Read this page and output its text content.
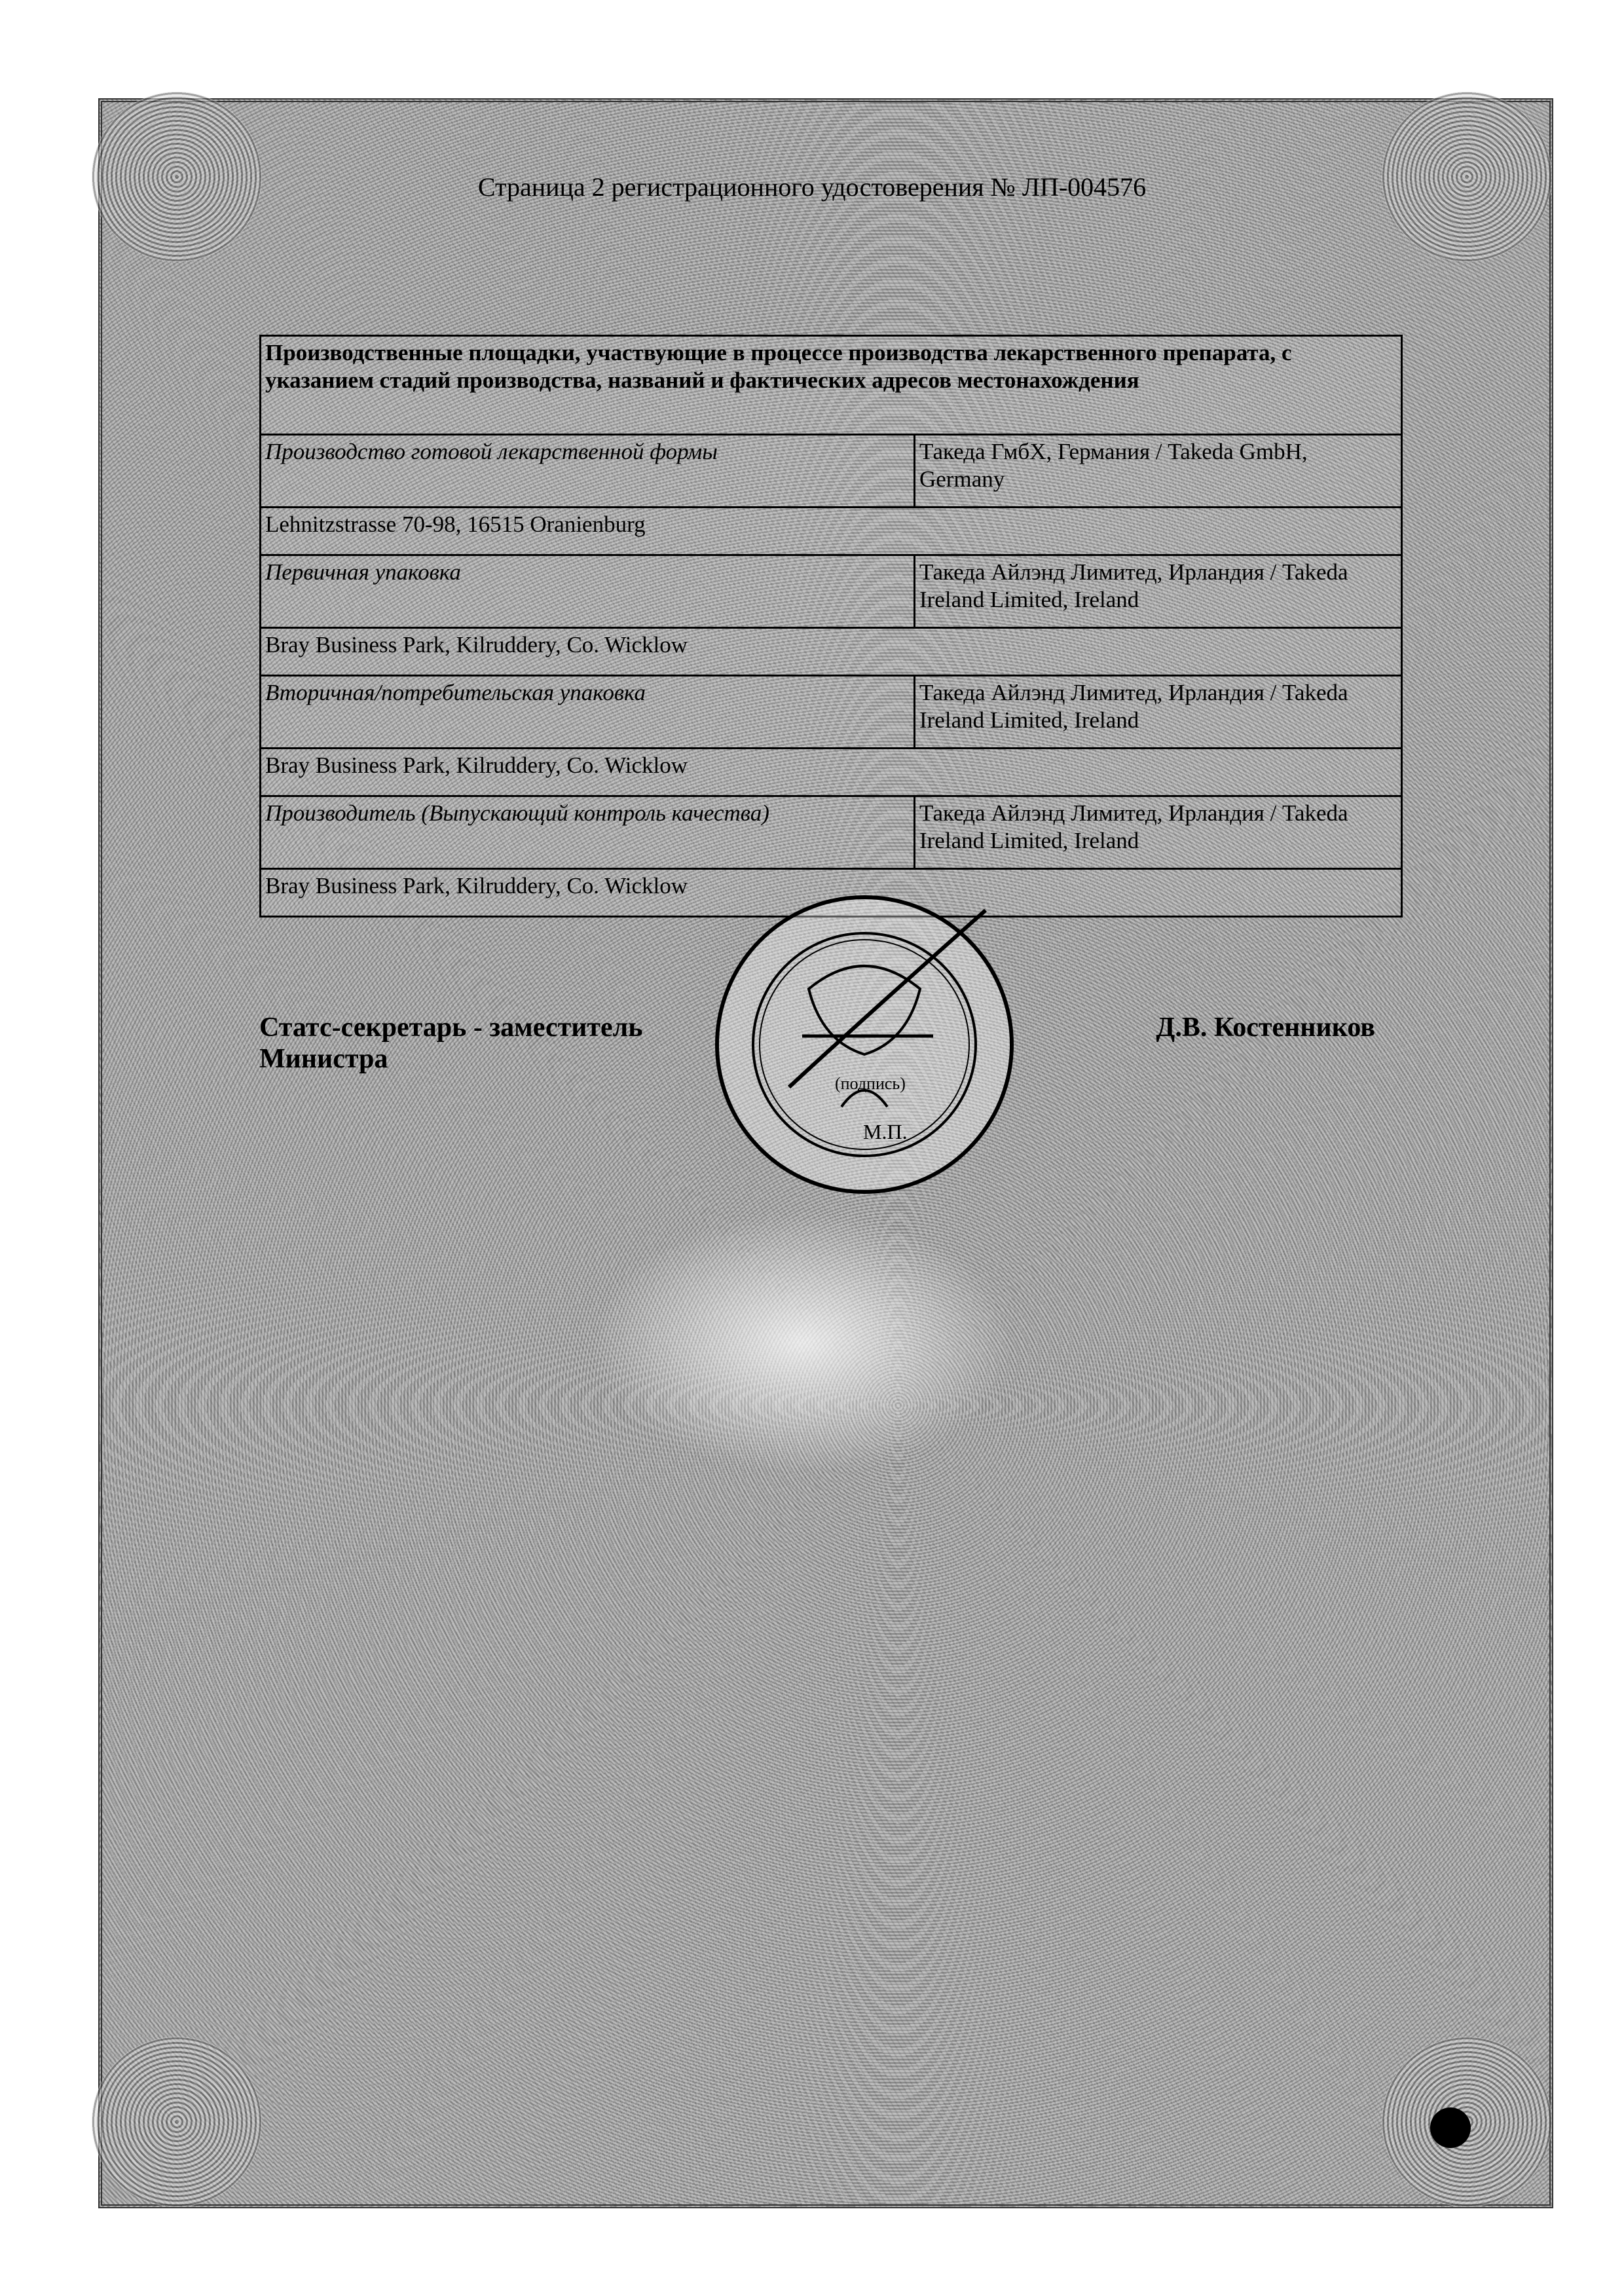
Страница 2 регистрационного удостоверения № ЛП-004576
Производственные площадки, участвующие в процессе производства лекарственного препарата, с указанием стадий производства, названий и фактических адресов местонахождения	
Производство готовой лекарственной формы	Такеда ГмбХ, Германия / Takeda GmbH, Germany
Lehnitzstrasse 70-98, 16515 Oranienburg	
Первичная упаковка	Такеда Айлэнд Лимитед, Ирландия / Takeda Ireland Limited, Ireland
Bray Business Park, Kilruddery, Co. Wicklow	
Вторичная/потребительская упаковка	Такеда Айлэнд Лимитед, Ирландия / Takeda Ireland Limited, Ireland
Bray Business Park, Kilruddery, Co. Wicklow	
Производитель (Выпускающий контроль качества)	Такеда Айлэнд Лимитед, Ирландия / Takeda Ireland Limited, Ireland
Bray Business Park, Kilruddery, Co. Wicklow	
Статс-секретарь - заместитель
Министра
Д.В. Костенников
(подпись)
М.П.
